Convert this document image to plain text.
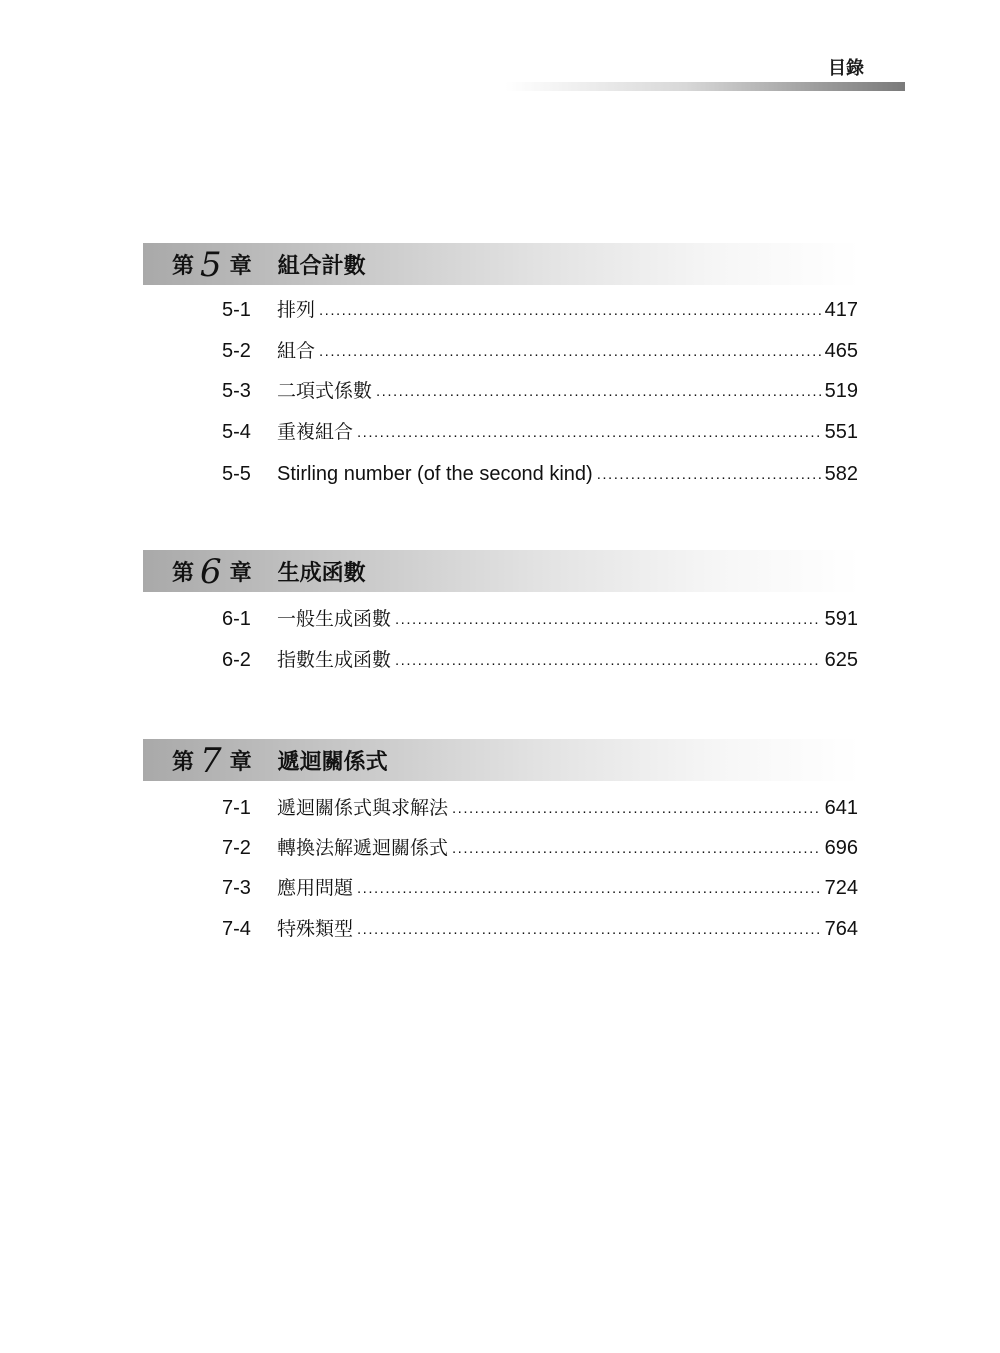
目錄
第 5 章 組合計數
5-1	排列 .....	417
5-2	組合 .....	465
5-3	二項式係數 .....	519
5-4	重複組合 .....	551
5-5	Stirling number (of the second kind) .....	582
第 6 章 生成函數
6-1	一般生成函數 .....	591
6-2	指數生成函數 .....	625
第 7 章 遞迴關係式
7-1	遞迴關係式與求解法 .....	641
7-2	轉換法解遞迴關係式 .....	696
7-3	應用問題 .....	724
7-4	特殊類型 .....	764
